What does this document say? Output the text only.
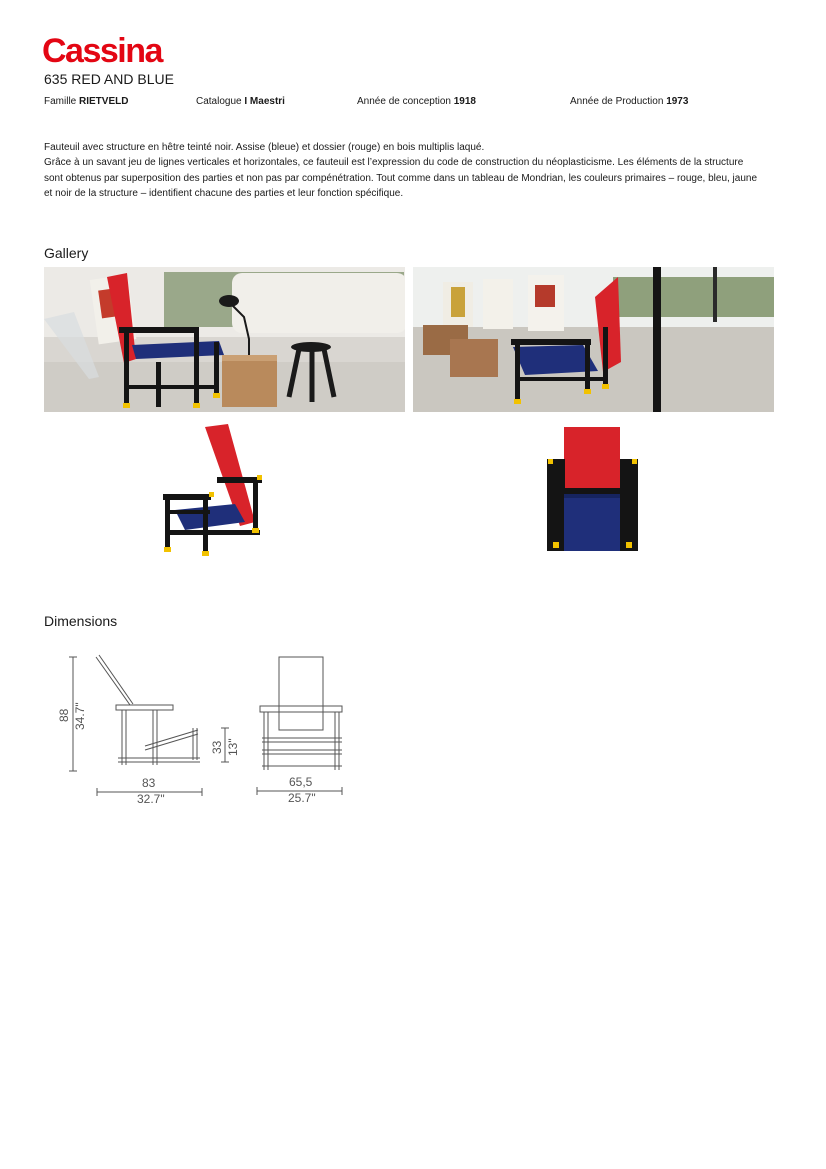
Cassina
635 RED AND BLUE
Famille RIETVELD	Catalogue I Maestri	Année de conception 1918	Année de Production 1973

Fauteuil avec structure en hêtre teinté noir. Assise (bleue) et dossier (rouge) en bois multiplis laqué.

Grâce à un savant jeu de lignes verticales et horizontales, ce fauteuil est l’expression du code de construction du néoplasticisme. Les éléments de la structure sont obtenus par superposition des parties et non pas par compénétration. Tout comme dans un tableau de Mondrian, les couleurs primaires – rouge, bleu, jaune et noir de la structure – identifient chacune des parties et leur fonction spécifique.

Gallery
Dimensions
88 34.7"
33 13"
83
32.7"
65,5
25.7"
